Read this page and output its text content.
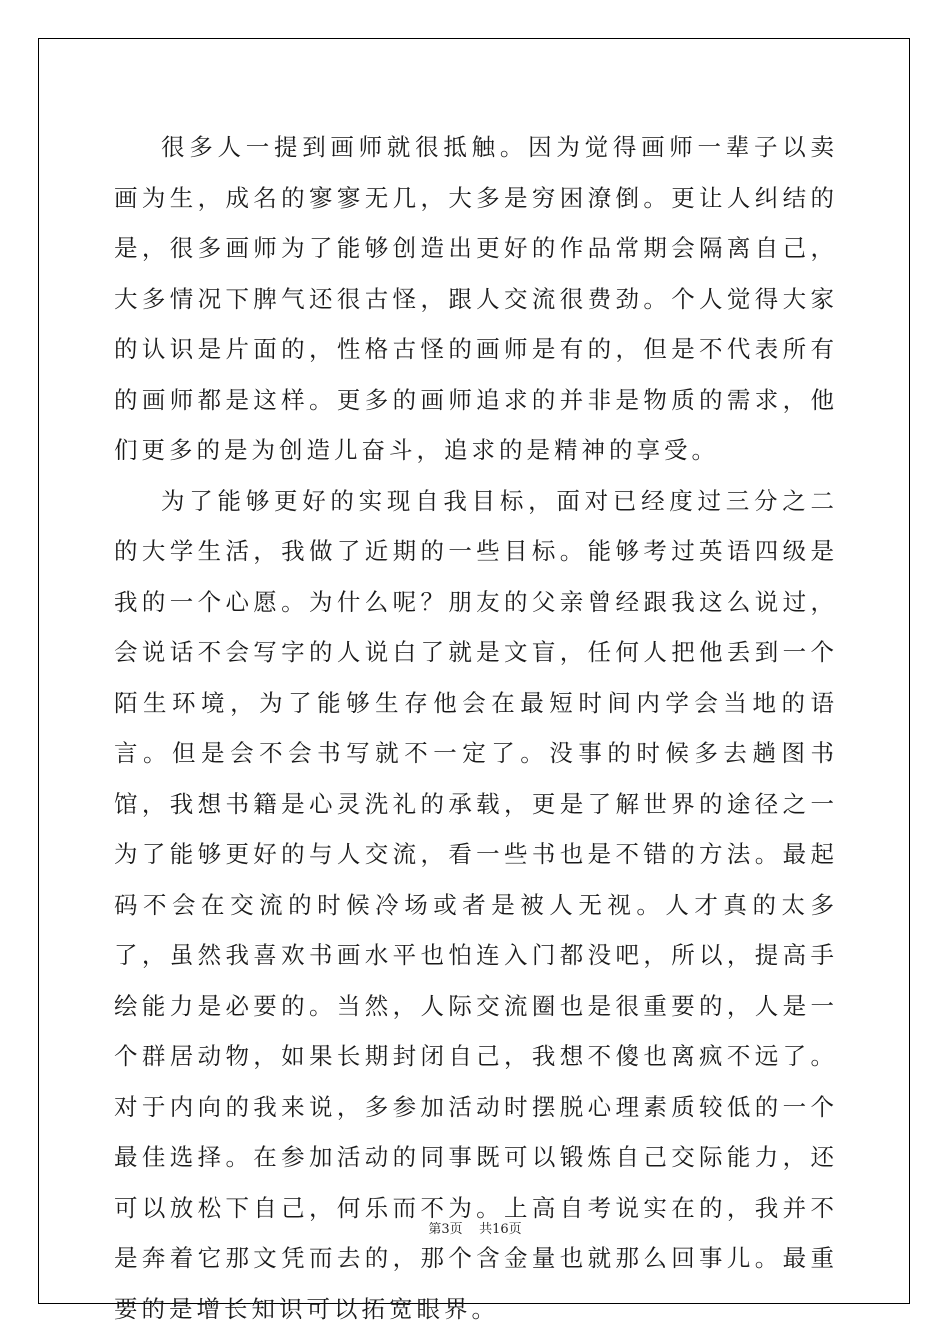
很多人一提到画师就很抵触。因为觉得画师一辈子以卖画为生，成名的寥寥无几，大多是穷困潦倒。更让人纠结的是，很多画师为了能够创造出更好的作品常期会隔离自己，大多情况下脾气还很古怪，跟人交流很费劲。个人觉得大家的认识是片面的，性格古怪的画师是有的，但是不代表所有的画师都是这样。更多的画师追求的并非是物质的需求，他们更多的是为创造儿奋斗，追求的是精神的享受。

为了能够更好的实现自我目标，面对已经度过三分之二的大学生活，我做了近期的一些目标。能够考过英语四级是我的一个心愿。为什么呢？朋友的父亲曾经跟我这么说过，会说话不会写字的人说白了就是文盲，任何人把他丢到一个陌生环境，为了能够生存他会在最短时间内学会当地的语言。但是会不会书写就不一定了。没事的时候多去趟图书馆，我想书籍是心灵洗礼的承载，更是了解世界的途径之一为了能够更好的与人交流，看一些书也是不错的方法。最起码不会在交流的时候冷场或者是被人无视。人才真的太多了，虽然我喜欢书画水平也怕连入门都没吧，所以，提高手绘能力是必要的。当然，人际交流圈也是很重要的，人是一个群居动物，如果长期封闭自己，我想不傻也离疯不远了。对于内向的我来说，多参加活动时摆脱心理素质较低的一个最佳选择。在参加活动的同事既可以锻炼自己交际能力，还可以放松下自己，何乐而不为。上高自考说实在的，我并不是奔着它那文凭而去的，那个含金量也就那么回事儿。最重要的是增长知识可以拓宽眼界。

第3页 共16页
